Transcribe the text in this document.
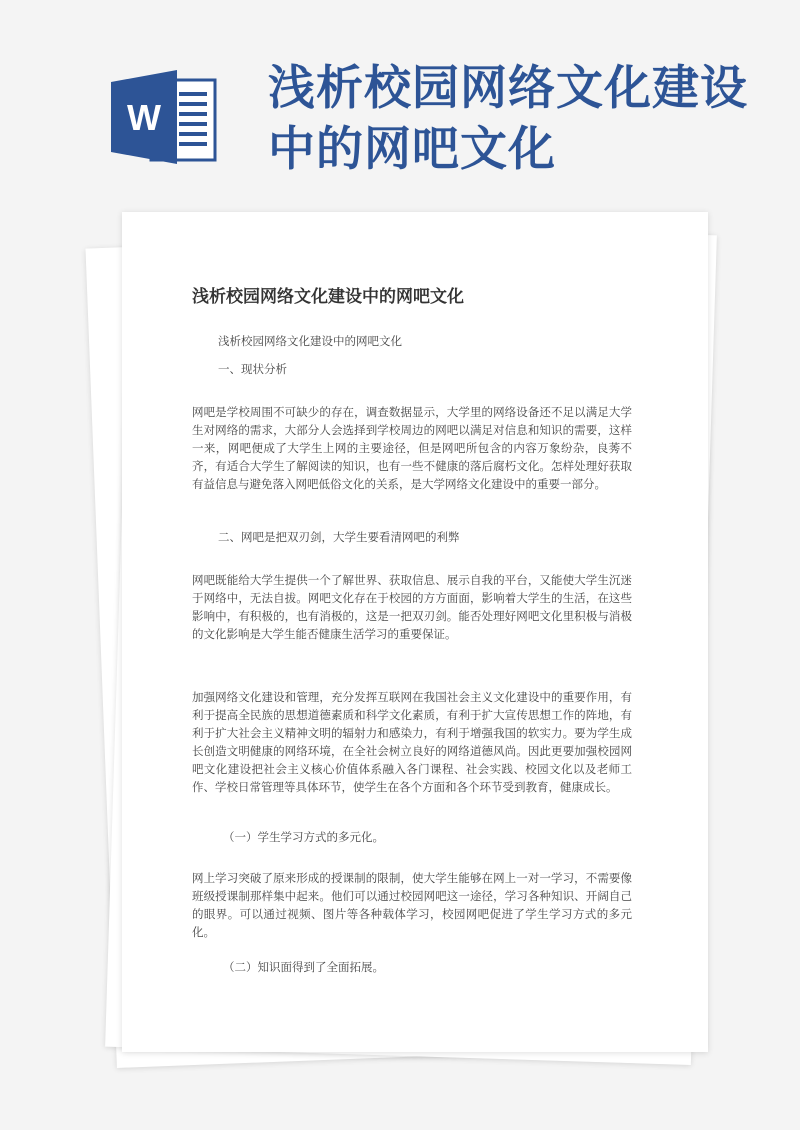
W
浅析校园网络文化建设中的网吧文化
浅析校园网络文化建设中的网吧文化
浅析校园网络文化建设中的网吧文化
一、现状分析

网吧是学校周围不可缺少的存在，调查数据显示，大学里的网络设备还不足以满足大学生对网络的需求，大部分人会选择到学校周边的网吧以满足对信息和知识的需要，这样一来，网吧便成了大学生上网的主要途径，但是网吧所包含的内容万象纷杂，良莠不齐，有适合大学生了解阅读的知识，也有一些不健康的落后腐朽文化。怎样处理好获取有益信息与避免落入网吧低俗文化的关系，是大学网络文化建设中的重要一部分。

二、网吧是把双刃剑，大学生要看清网吧的利弊

网吧既能给大学生提供一个了解世界、获取信息、展示自我的平台，又能使大学生沉迷于网络中，无法自拔。网吧文化存在于校园的方方面面，影响着大学生的生活，在这些影响中，有积极的，也有消极的，这是一把双刃剑。能否处理好网吧文化里积极与消极的文化影响是大学生能否健康生活学习的重要保证。

加强网络文化建设和管理，充分发挥互联网在我国社会主义文化建设中的重要作用，有利于提高全民族的思想道德素质和科学文化素质，有利于扩大宣传思想工作的阵地，有利于扩大社会主义精神文明的辐射力和感染力，有利于增强我国的软实力。要为学生成长创造文明健康的网络环境，在全社会树立良好的网络道德风尚。因此更要加强校园网吧文化建设把社会主义核心价值体系融入各门课程、社会实践、校园文化以及老师工作、学校日常管理等具体环节，使学生在各个方面和各个环节受到教育，健康成长。

（一）学生学习方式的多元化。

网上学习突破了原来形成的授课制的限制，使大学生能够在网上一对一学习，不需要像班级授课制那样集中起来。他们可以通过校园网吧这一途径，学习各种知识、开阔自己的眼界。可以通过视频、图片等各种载体学习，校园网吧促进了学生学习方式的多元化。

（二）知识面得到了全面拓展。
